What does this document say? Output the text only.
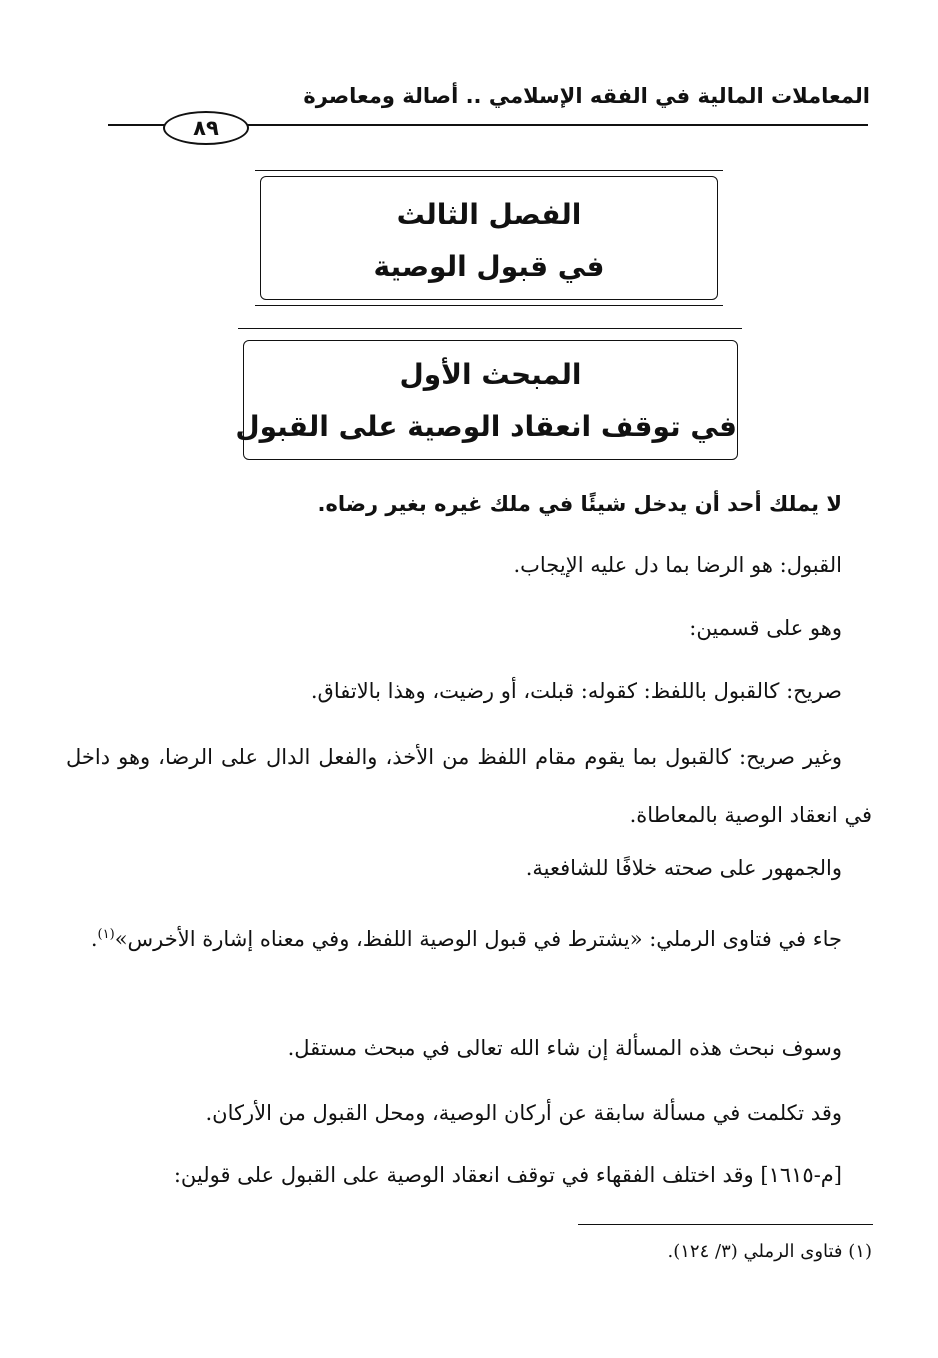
المعاملات المالية في الفقه الإسلامي .. أصالة ومعاصرة
٨٩
الفصل الثالث
في قبول الوصية
المبحث الأول
في توقف انعقاد الوصية على القبول
لا يملك أحد أن يدخل شيئًا في ملك غيره بغير رضاه.
القبول: هو الرضا بما دل عليه الإيجاب.
وهو على قسمين:
صريح: كالقبول باللفظ: كقوله: قبلت، أو رضيت، وهذا بالاتفاق.
وغير صريح: كالقبول بما يقوم مقام اللفظ من الأخذ، والفعل الدال على الرضا، وهو داخل في انعقاد الوصية بالمعاطاة.
والجمهور على صحته خلافًا للشافعية.
جاء في فتاوى الرملي: «يشترط في قبول الوصية اللفظ، وفي معناه إشارة الأخرس»$^{(١)}$.
وسوف نبحث هذه المسألة إن شاء الله تعالى في مبحث مستقل.
وقد تكلمت في مسألة سابقة عن أركان الوصية، ومحل القبول من الأركان.
[م-١٦١٥] وقد اختلف الفقهاء في توقف انعقاد الوصية على القبول على قولين:
(١) فتاوى الرملي (٣/ ١٢٤).
